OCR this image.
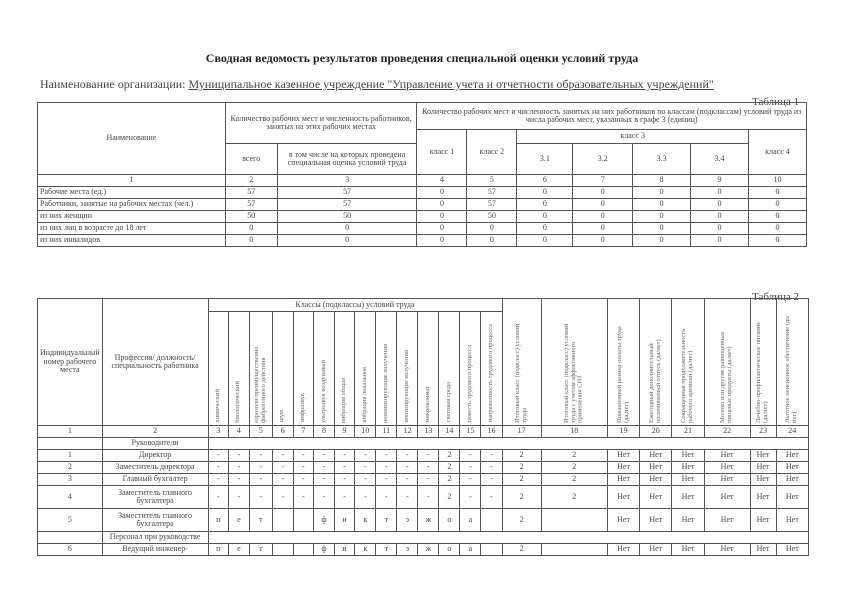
Сводная ведомость результатов проведения специальной оценки условий труда
Наименование организации: Муниципальное казенное учреждение "Управление учета и отчетности образовательных учреждений"
Таблица 1
Наименование	Количество рабочих мест и численность работников, занятых на этих рабочих местах		Количество рабочих мест и численность занятых на них работников по классам (подклассам) условий труда из числа рабочих мест, указанных в графе 3 (единиц)						
			класс 1	класс 2	класс 3				класс 4
	всего	в том числе на которых проведена специальная оценка условий труда			3.1	3.2	3.3	3.4	
1	2	3	4	5	6	7	8	9	10
Рабочие места (ед.)	57	57	0	57	0	0	0	0	0
Работники, занятые на рабочих местах (чел.)	57	57	0	57	0	0	0	0	0
из них женщин	50	50	0	50	0	0	0	0	0
из них лиц в возрасте до 18 лет	0	0	0	0	0	0	0	0	0
из них инвалидов	0	0	0	0	0	0	0	0	0
Таблица 2
Индивидуальный номер рабочего места	Профессия/ должность/ специальность работника	Классы (подклассы) условий труда														Итоговый класс (подкласс) условий труда	Итоговый класс (подкласс) условий труда с учетом эффективного применения СИЗ	Повышенный размер оплаты труда (да,нет)	Ежегодный дополнительный оплачиваемый отпуск (да/нет)	Сокращенная продолжительность рабочего времени (да/нет)	Молоко или другие равноценные пищевые продукты (да/нет)	Лечебно-профилактическое питание (да/нет)	Льготное пенсионное обеспечение (да/нет)
		химический	биологический	аэрозоли преимущественно фиброгенного действия	шум	инфразвук	ультразвук воздушный	вибрация общая	вибрация локальная	неионизирующие излучения	ионизирующие излучения	микроклимат	световая среда	тяжесть трудового процесса	напряженность трудового процесса								
1	2	3	4	5	6	7	8	9	10	11	12	13	14	15	16	17	18	19	20	21	22	23	24
	Руководители																						
1	Директор	-	-	-	-	-	-	-	-	-	-	-	2	-	-	2	2	Нет	Нет	Нет	Нет	Нет	Нет
2	Заместитель директора	-	-	-	-	-	-	-	-	-	-	-	2	-	-	2	2	Нет	Нет	Нет	Нет	Нет	Нет
3	Главный бухгалтер	-	-	-	-	-	-	-	-	-	-	-	2	-	-	2	2	Нет	Нет	Нет	Нет	Нет	Нет
4	Заместитель главного бухгалтера	-	-	-	-	-	-	-	-	-	-	-	2	-	-	2	2	Нет	Нет	Нет	Нет	Нет	Нет
5	Заместитель главного бухгалтера	п	е	т			ф	и	к	т	э	ж	о	а		2		Нет	Нет	Нет	Нет	Нет	Нет
	Персонал при руководстве																						
6	Ведущий инженер-	п	е	т			ф	и	к	т	э	ж	о	а		2		Нет	Нет	Нет	Нет	Нет	Нет
